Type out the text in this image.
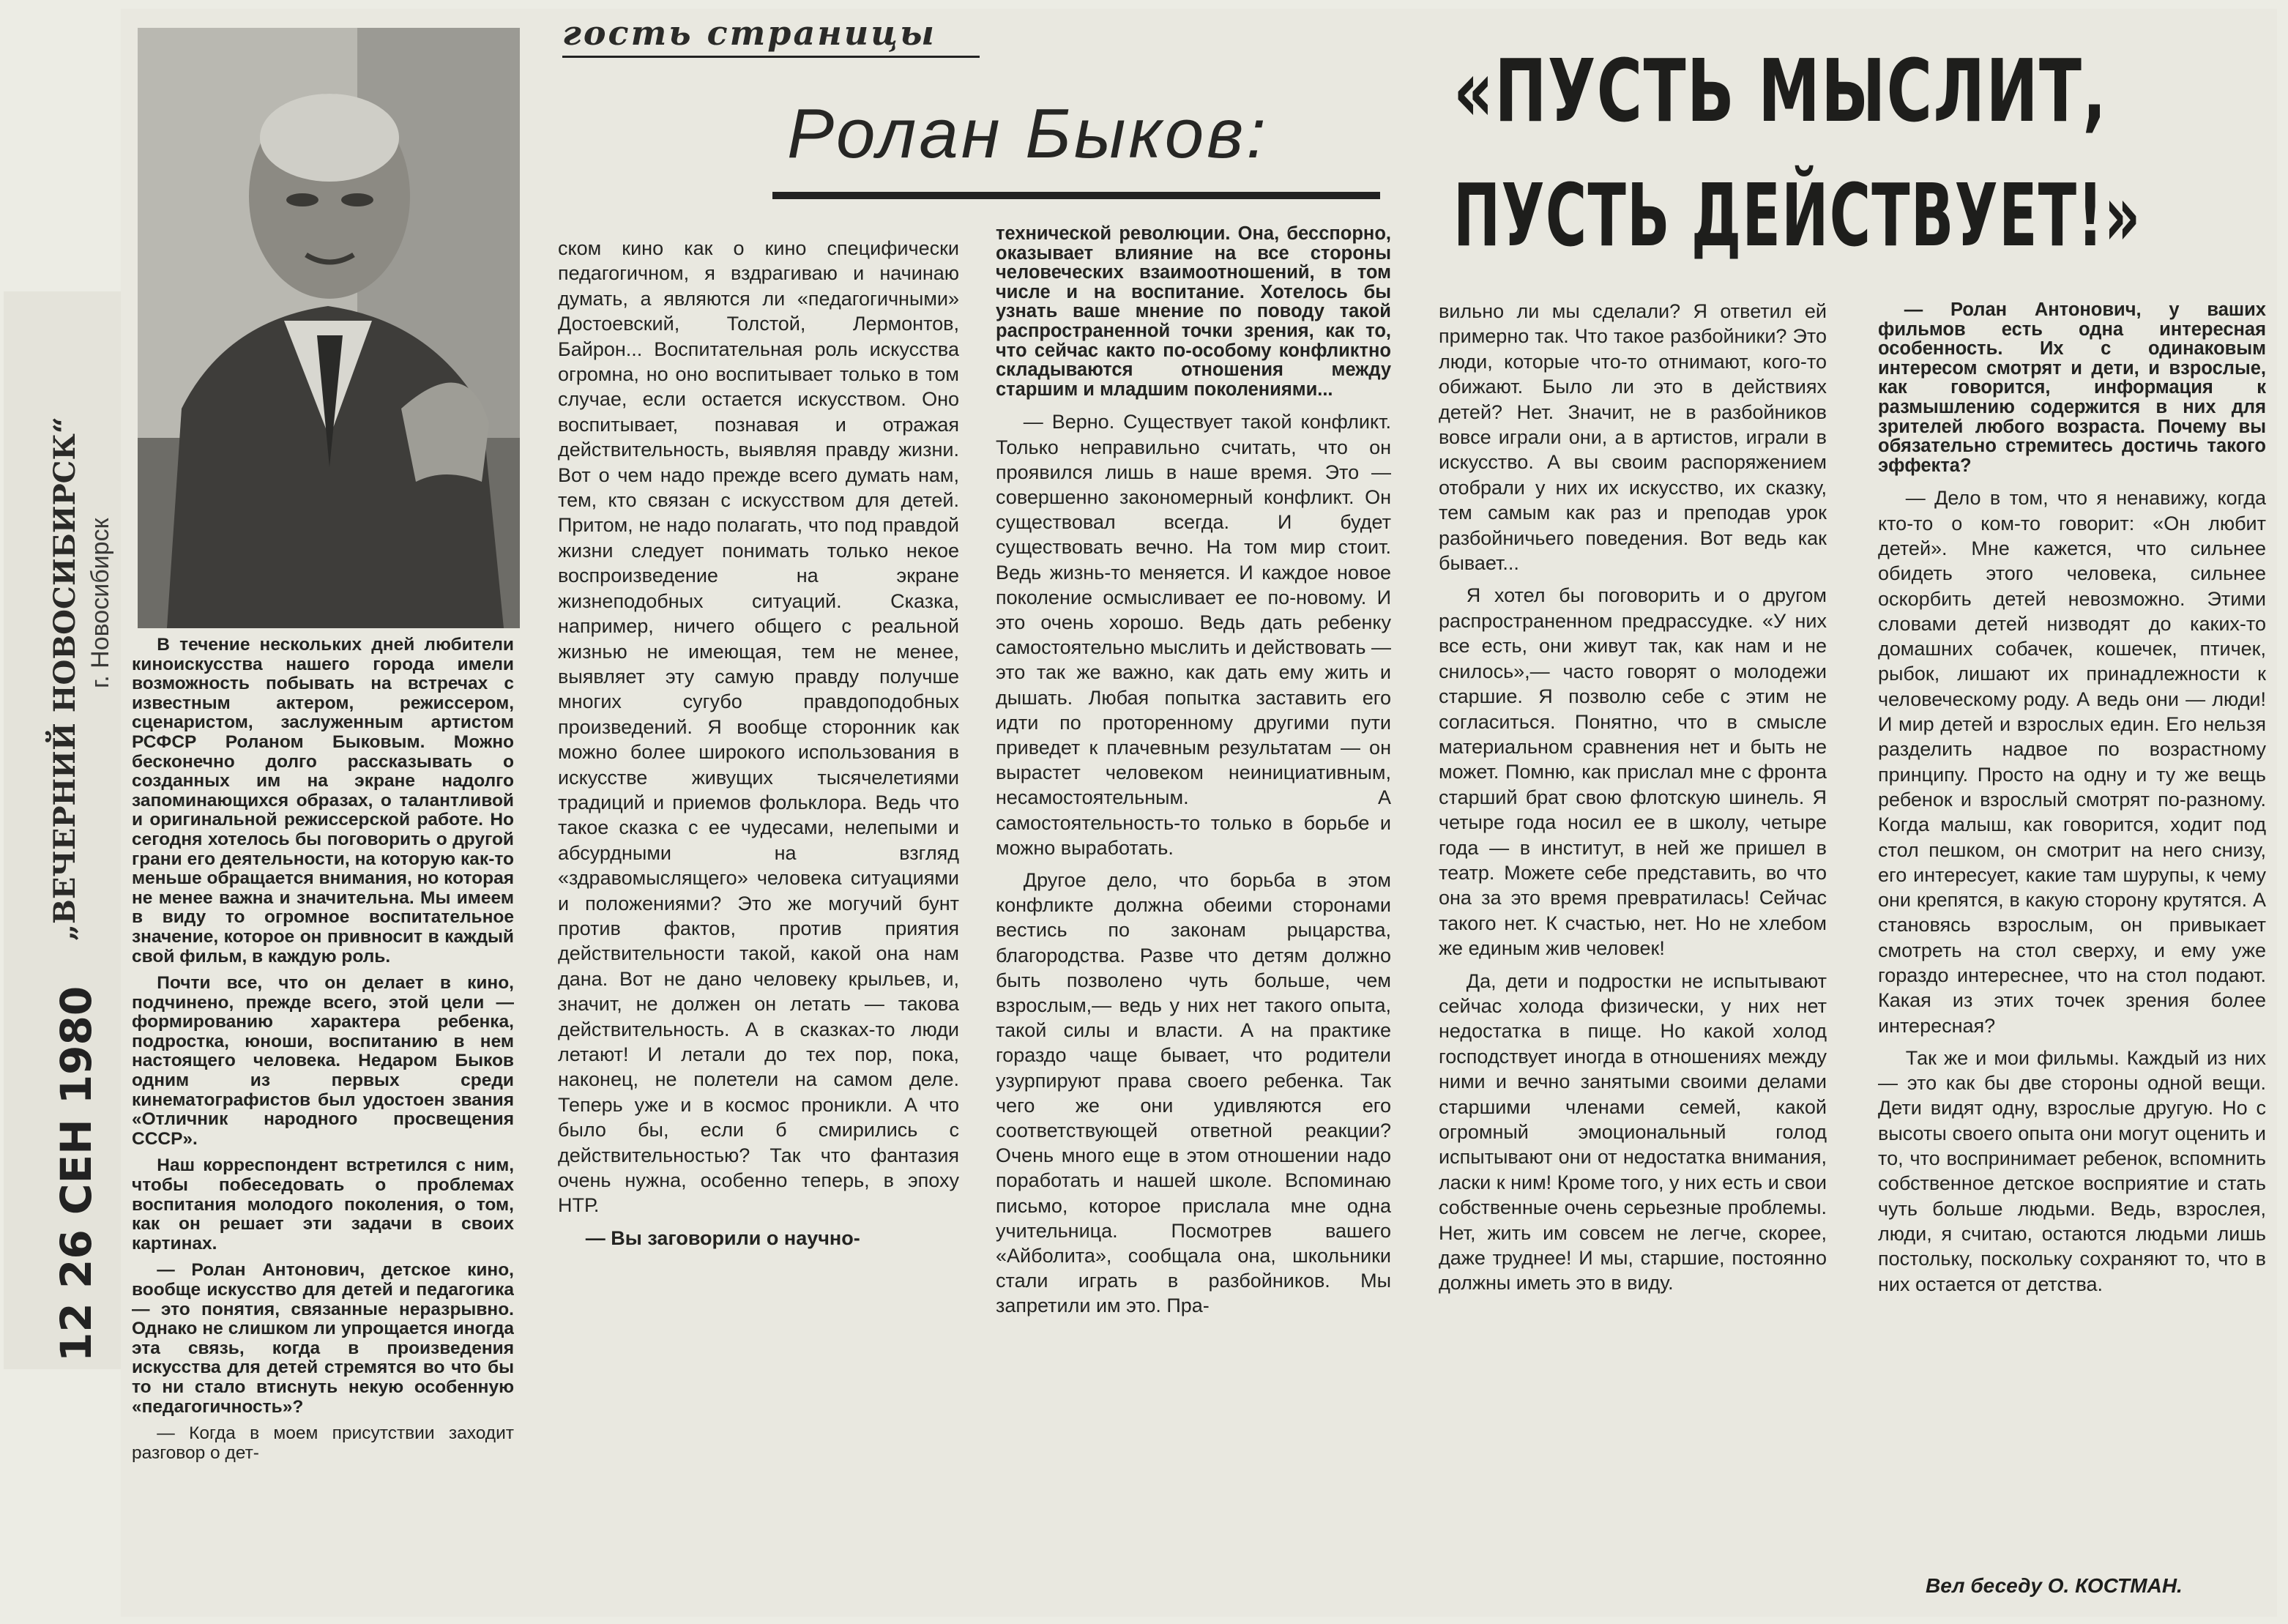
гость страницы
Ролан Быков: «ПУСТЬ МЫСЛИТ,
ПУСТЬ ДЕЙСТВУЕТ!»
„ВЕЧЕРНИЙ НОВОСИБИРСК“ г. Новосибирск
26 СЕН 1980
12

В течение нескольких дней любители киноискусства нашего города имели возможность побывать на встречах с известным актером, режиссером, сценаристом, заслуженным артистом РСФСР Роланом Быковым. Можно бесконечно долго рассказывать о созданных им на экране надолго запоминающихся образах, о талантливой и оригинальной режиссерской работе. Но сегодня хотелось бы поговорить о другой грани его деятельности, на которую как-то меньше обращается внимания, но которая не менее важна и значительна. Мы имеем в виду то огромное воспитательное значение, которое он привносит в каждый свой фильм, в каждую роль.

Почти все, что он делает в кино, подчинено, прежде всего, этой цели — формированию характера ребенка, подростка, юноши, воспитанию в нем настоящего человека. Недаром Быков одним из первых среди кинематографистов был удостоен звания «Отличник народного просвещения СССР».

Наш корреспондент встретился с ним, чтобы побеседовать о проблемах воспитания молодого поколения, о том, как он решает эти задачи в своих картинах.

— Ролан Антонович, детское кино, вообще искусство для детей и педагогика — это понятия, связанные неразрывно. Однако не слишком ли упрощается иногда эта связь, когда в произведения искусства для детей стремятся во что бы то ни стало втиснуть некую особенную «педагогичность»?

— Когда в моем присутствии заходит разговор о дет-

ском кино как о кино специфически педагогичном, я вздрагиваю и начинаю думать, а являются ли «педагогичными» Достоевский, Толстой, Лермонтов, Байрон... Воспитательная роль искусства огромна, но оно воспитывает только в том случае, если остается искусством. Оно воспитывает, познавая и отражая действительность, выявляя правду жизни. Вот о чем надо прежде всего думать нам, тем, кто связан с искусством для детей. Притом, не надо полагать, что под правдой жизни следует понимать только некое воспроизведение на экране жизнеподобных ситуаций. Сказка, например, ничего общего с реальной жизнью не имеющая, тем не менее, выявляет эту самую правду получше многих сугубо правдоподобных произведений. Я вообще сторонник как можно более широкого использования в искусстве живущих тысячелетиями традиций и приемов фольклора. Ведь что такое сказка с ее чудесами, нелепыми и абсурдными на взгляд «здравомыслящего» человека ситуациями и положениями? Это же могучий бунт против фактов, против приятия действительности такой, какой она нам дана. Вот не дано человеку крыльев, и, значит, не должен он летать — такова действительность. А в сказках-то люди летают! И летали до тех пор, пока, наконец, не полетели на самом деле. Теперь уже и в космос проникли. А что было бы, если б смирились с действительностью? Так что фантазия очень нужна, особенно теперь, в эпоху НТР.

— Вы заговорили о научно-

технической революции. Она, бесспорно, оказывает влияние на все стороны человеческих взаимоотношений, в том числе и на воспитание. Хотелось бы узнать ваше мнение по поводу такой распространенной точки зрения, как то, что сейчас както по-особому конфликтно складываются отношения между старшим и младшим поколениями...

— Верно. Существует такой конфликт. Только неправильно считать, что он проявился лишь в наше время. Это — совершенно закономерный конфликт. Он существовал всегда. И будет существовать вечно. На том мир стоит. Ведь жизнь-то меняется. И каждое новое поколение осмысливает ее по-новому. И это очень хорошо. Ведь дать ребенку самостоятельно мыслить и действовать — это так же важно, как дать ему жить и дышать. Любая попытка заставить его идти по проторенному другими пути приведет к плачевным результатам — он вырастет человеком неинициативным, несамостоятельным. А самостоятельность-то только в борьбе и можно выработать.

Другое дело, что борьба в этом конфликте должна обеими сторонами вестись по законам рыцарства, благородства. Разве что детям должно быть позволено чуть больше, чем взрослым,— ведь у них нет такого опыта, такой силы и власти. А на практике гораздо чаще бывает, что родители узурпируют права своего ребенка. Так чего же они удивляются его соответствующей ответной реакции? Очень много еще в этом отношении надо поработать и нашей школе. Вспоминаю письмо, которое прислала мне одна учительница. Посмотрев вашего «Айболита», сообщала она, школьники стали играть в разбойников. Мы запретили им это. Пра-

вильно ли мы сделали? Я ответил ей примерно так. Что такое разбойники? Это люди, которые что-то отнимают, кого-то обижают. Было ли это в действиях детей? Нет. Значит, не в разбойников вовсе играли они, а в артистов, играли в искусство. А вы своим распоряжением отобрали у них их искусство, их сказку, тем самым как раз и преподав урок разбойничьего поведения. Вот ведь как бывает...

Я хотел бы поговорить и о другом распространенном предрассудке. «У них все есть, они живут так, как нам и не снилось»,— часто говорят о молодежи старшие. Я позволю себе с этим не согласиться. Понятно, что в смысле материальном сравнения нет и быть не может. Помню, как прислал мне с фронта старший брат свою флотскую шинель. Я четыре года носил ее в школу, четыре года — в институт, в ней же пришел в театр. Можете себе представить, во что она за это время превратилась! Сейчас такого нет. К счастью, нет. Но не хлебом же единым жив человек!

Да, дети и подростки не испытывают сейчас холода физически, у них нет недостатка в пище. Но какой холод господствует иногда в отношениях между ними и вечно занятыми своими делами старшими членами семей, какой огромный эмоциональный голод испытывают они от недостатка внимания, ласки к ним! Кроме того, у них есть и свои собственные очень серьезные проблемы. Нет, жить им совсем не легче, скорее, даже труднее! И мы, старшие, постоянно должны иметь это в виду.

— Ролан Антонович, у ваших фильмов есть одна интересная особенность. Их с одинаковым интересом смотрят и дети, и взрослые, как говорится, информация к размышлению содержится в них для зрителей любого возраста. Почему вы обязательно стремитесь достичь такого эффекта?

— Дело в том, что я ненавижу, когда кто-то о ком-то говорит: «Он любит детей». Мне кажется, что сильнее обидеть этого человека, сильнее оскорбить детей невозможно. Этими словами детей низводят до каких-то домашних собачек, кошечек, птичек, рыбок, лишают их принадлежности к человеческому роду. А ведь они — люди! И мир детей и взрослых един. Его нельзя разделить надвое по возрастному принципу. Просто на одну и ту же вещь ребенок и взрослый смотрят по-разному. Когда малыш, как говорится, ходит под стол пешком, он смотрит на него снизу, его интересует, какие там шурупы, к чему они крепятся, в какую сторону крутятся. А становясь взрослым, он привыкает смотреть на стол сверху, и ему уже гораздо интереснее, что на стол подают. Какая из этих точек зрения более интересная?

Так же и мои фильмы. Каждый из них — это как бы две стороны одной вещи. Дети видят одну, взрослые другую. Но с высоты своего опыта они могут оценить и то, что воспринимает ребенок, вспомнить собственное детское восприятие и стать чуть больше людьми. Ведь, взрослея, люди, я считаю, остаются людьми лишь постольку, поскольку сохраняют то, что в них остается от детства.

Вел беседу О. КОСТМАН.
